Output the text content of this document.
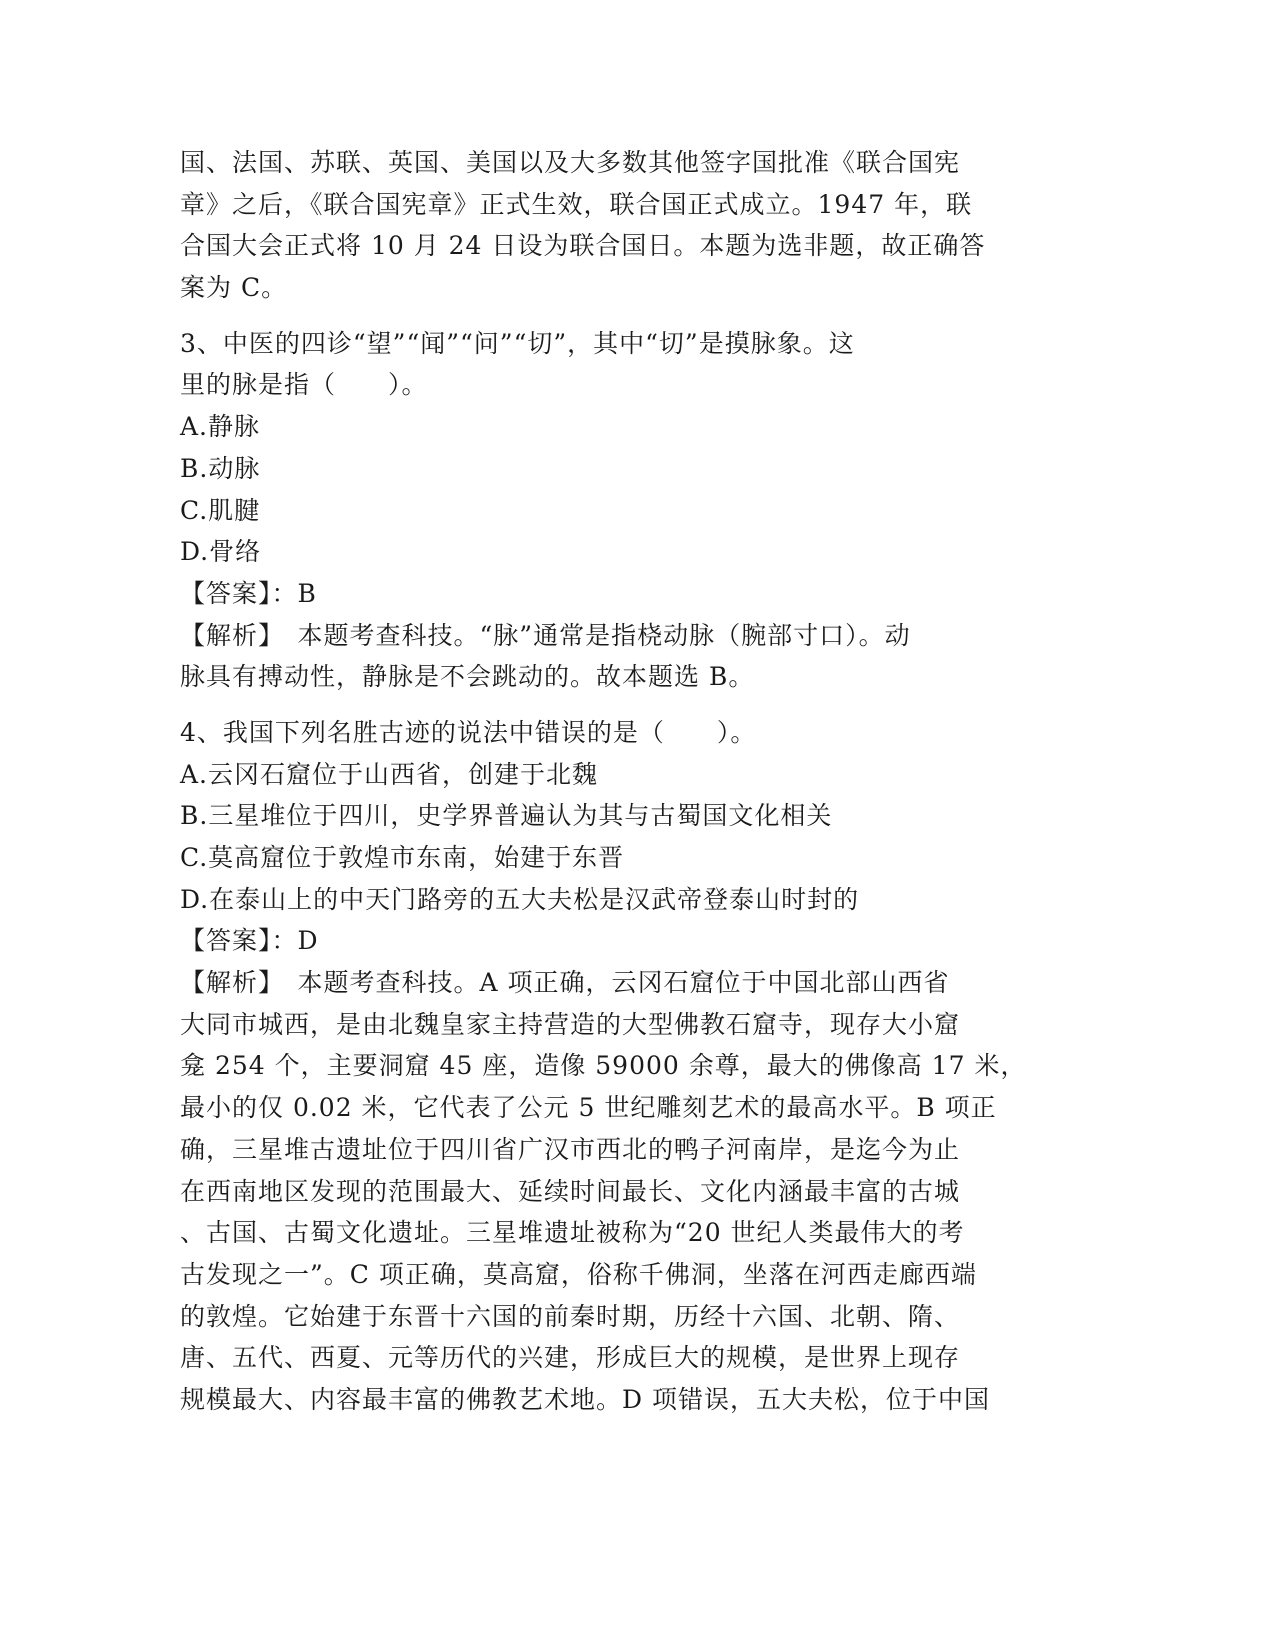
国、法国、苏联、英国、美国以及大多数其他签字国批准《联合国宪
章》之后，《联合国宪章》正式生效，联合国正式成立。1947 年，联
合国大会正式将 10 月 24 日设为联合国日。本题为选非题，故正确答
案为 C。
3、中医的四诊“望”“闻”“问”“切”，其中“切”是摸脉象。这
里的脉是指（　　）。
A.静脉
B.动脉
C.肌腱
D.骨络
【答案】：B
【解析】　本题考查科技。“脉”通常是指桡动脉（腕部寸口）。动
脉具有搏动性，静脉是不会跳动的。故本题选 B。
4、我国下列名胜古迹的说法中错误的是（　　）。
A.云冈石窟位于山西省，创建于北魏
B.三星堆位于四川，史学界普遍认为其与古蜀国文化相关
C.莫高窟位于敦煌市东南，始建于东晋
D.在泰山上的中天门路旁的五大夫松是汉武帝登泰山时封的
【答案】：D
【解析】　本题考查科技。A 项正确，云冈石窟位于中国北部山西省
大同市城西，是由北魏皇家主持营造的大型佛教石窟寺，现存大小窟
龛 254 个，主要洞窟 45 座，造像 59000 余尊，最大的佛像高 17 米，
最小的仅 0.02 米，它代表了公元 5 世纪雕刻艺术的最高水平。B 项正
确，三星堆古遗址位于四川省广汉市西北的鸭子河南岸，是迄今为止
在西南地区发现的范围最大、延续时间最长、文化内涵最丰富的古城
、古国、古蜀文化遗址。三星堆遗址被称为“20 世纪人类最伟大的考
古发现之一”。C 项正确，莫高窟，俗称千佛洞，坐落在河西走廊西端
的敦煌。它始建于东晋十六国的前秦时期，历经十六国、北朝、隋、
唐、五代、西夏、元等历代的兴建，形成巨大的规模，是世界上现存
规模最大、内容最丰富的佛教艺术地。D 项错误，五大夫松，位于中国
